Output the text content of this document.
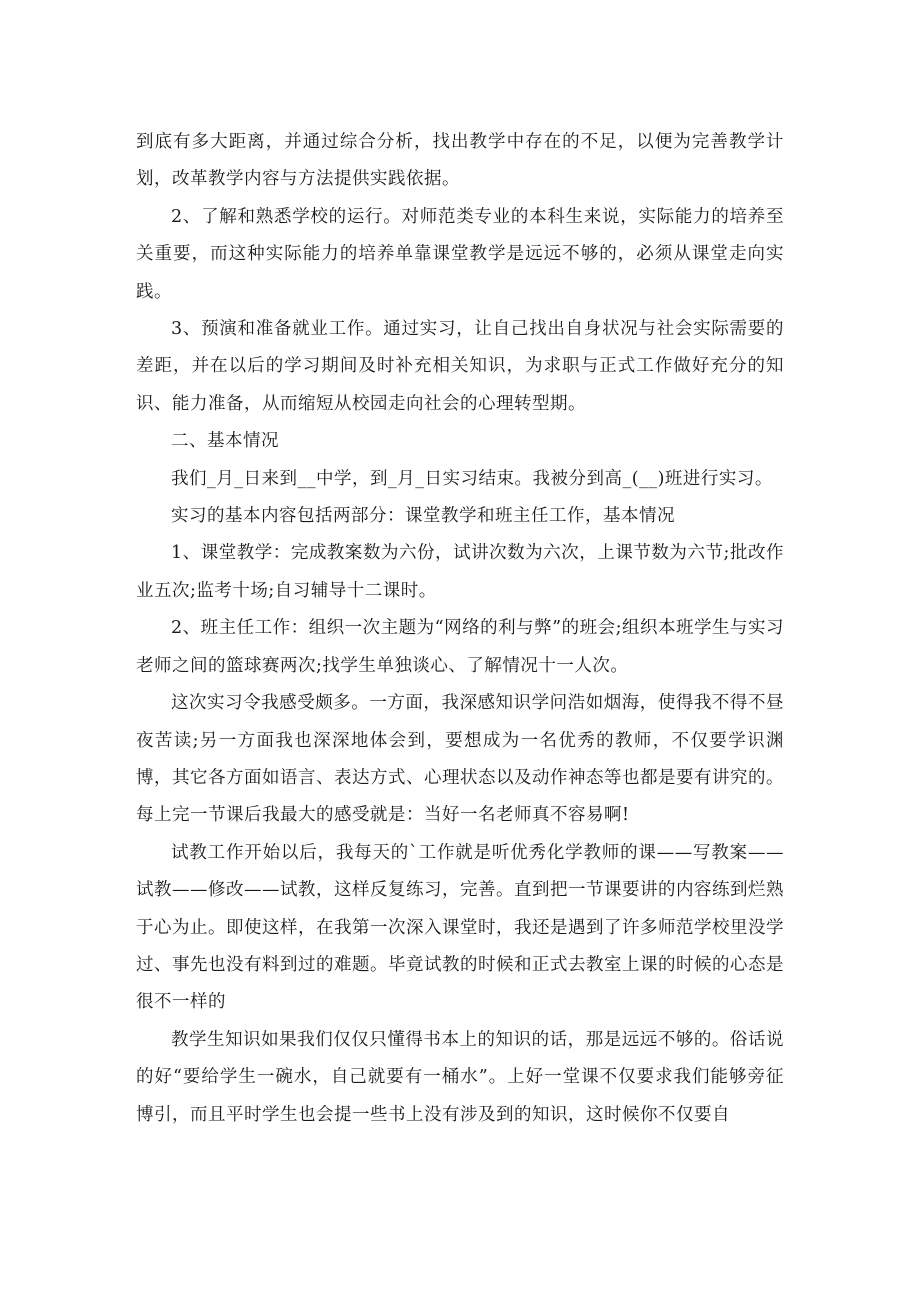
到底有多大距离，并通过综合分析，找出教学中存在的不足，以便为完善教学计划，改革教学内容与方法提供实践依据。

2、了解和熟悉学校的运行。对师范类专业的本科生来说，实际能力的培养至关重要，而这种实际能力的培养单靠课堂教学是远远不够的，必须从课堂走向实践。

3、预演和准备就业工作。通过实习，让自己找出自身状况与社会实际需要的差距，并在以后的学习期间及时补充相关知识，为求职与正式工作做好充分的知识、能力准备，从而缩短从校园走向社会的心理转型期。

二、基本情况

我们_月_日来到__中学，到_月_日实习结束。我被分到高_(__)班进行实习。

实习的基本内容包括两部分：课堂教学和班主任工作，基本情况

1、课堂教学：完成教案数为六份，试讲次数为六次，上课节数为六节;批改作业五次;监考十场;自习辅导十二课时。

2、班主任工作：组织一次主题为“网络的利与弊”的班会;组织本班学生与实习老师之间的篮球赛两次;找学生单独谈心、了解情况十一人次。

这次实习令我感受颇多。一方面，我深感知识学问浩如烟海，使得我不得不昼夜苦读;另一方面我也深深地体会到，要想成为一名优秀的教师，不仅要学识渊博，其它各方面如语言、表达方式、心理状态以及动作神态等也都是要有讲究的。每上完一节课后我最大的感受就是：当好一名老师真不容易啊!

试教工作开始以后，我每天的`工作就是听优秀化学教师的课——写教案——试教——修改——试教，这样反复练习，完善。直到把一节课要讲的内容练到烂熟于心为止。即使这样，在我第一次深入课堂时，我还是遇到了许多师范学校里没学过、事先也没有料到过的难题。毕竟试教的时候和正式去教室上课的时候的心态是很不一样的

教学生知识如果我们仅仅只懂得书本上的知识的话，那是远远不够的。俗话说的好“要给学生一碗水，自己就要有一桶水”。上好一堂课不仅要求我们能够旁征博引，而且平时学生也会提一些书上没有涉及到的知识，这时候你不仅要自
